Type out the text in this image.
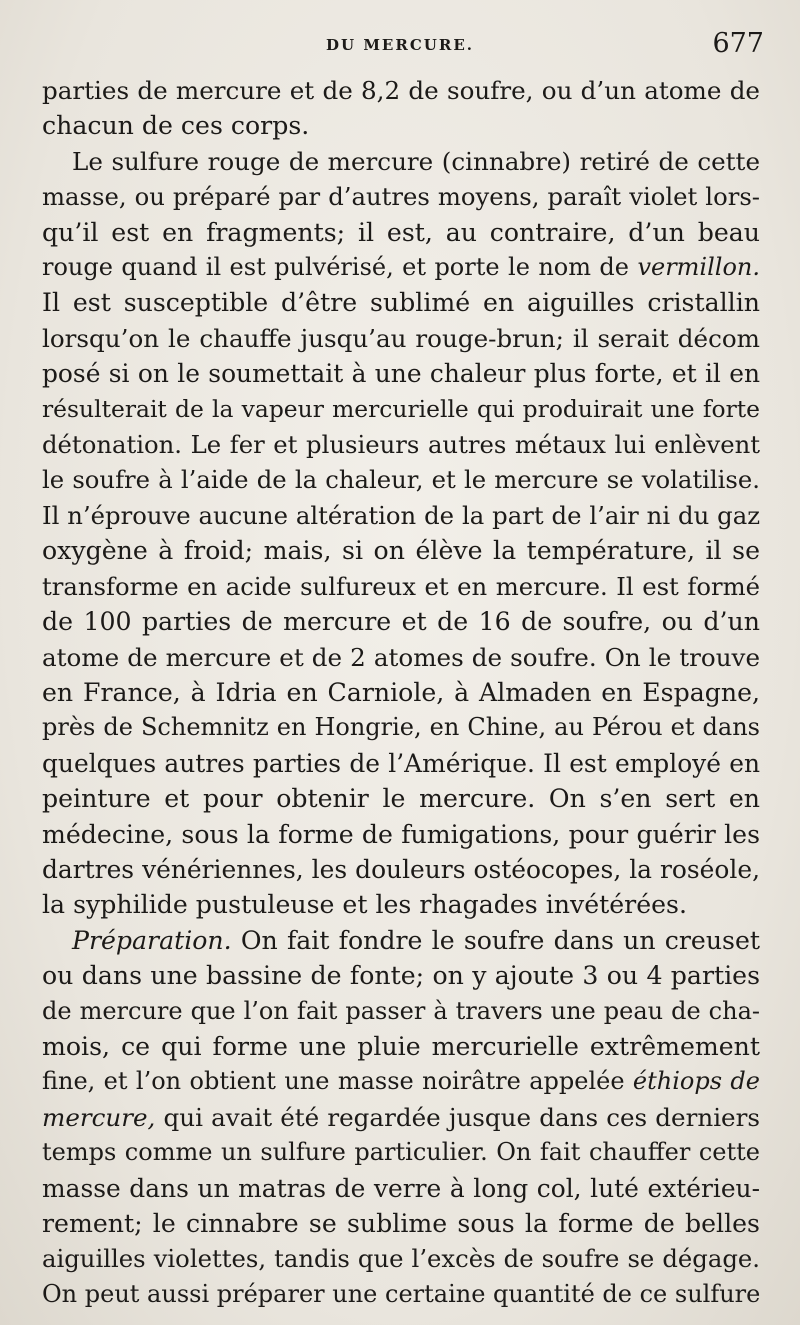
DU MERCURE.	677
parties de mercure et de 8,2 de soufre, ou d’un atome de
chacun de ces corps.
Le sulfure rouge de mercure (cinnabre) retiré de cette
masse, ou préparé par d’autres moyens, paraît violet lors-
qu’il est en fragments; il est, au contraire, d’un beau
rouge quand il est pulvérisé, et porte le nom de vermillon.
Il est susceptible d’être sublimé en aiguilles cristallin
lorsqu’on le chauffe jusqu’au rouge-brun; il serait décom
posé si on le soumettait à une chaleur plus forte, et il en
résulterait de la vapeur mercurielle qui produirait une forte
détonation. Le fer et plusieurs autres métaux lui enlèvent
le soufre à l’aide de la chaleur, et le mercure se volatilise.
Il n’éprouve aucune altération de la part de l’air ni du gaz
oxygène à froid; mais, si on élève la température, il se
transforme en acide sulfureux et en mercure. Il est formé
de 100 parties de mercure et de 16 de soufre, ou d’un
atome de mercure et de 2 atomes de soufre. On le trouve
en France, à Idria en Carniole, à Almaden en Espagne,
près de Schemnitz en Hongrie, en Chine, au Pérou et dans
quelques autres parties de l’Amérique. Il est employé en
peinture et pour obtenir le mercure. On s’en sert en
médecine, sous la forme de fumigations, pour guérir les
dartres vénériennes, les douleurs ostéocopes, la roséole,
la syphilide pustuleuse et les rhagades invétérées.
Préparation. On fait fondre le soufre dans un creuset
ou dans une bassine de fonte; on y ajoute 3 ou 4 parties
de mercure que l’on fait passer à travers une peau de cha-
mois, ce qui forme une pluie mercurielle extrêmement
fine, et l’on obtient une masse noirâtre appelée éthiops de
mercure, qui avait été regardée jusque dans ces derniers
temps comme un sulfure particulier. On fait chauffer cette
masse dans un matras de verre à long col, luté extérieu-
rement; le cinnabre se sublime sous la forme de belles
aiguilles violettes, tandis que l’excès de soufre se dégage.
On peut aussi préparer une certaine quantité de ce sulfure
